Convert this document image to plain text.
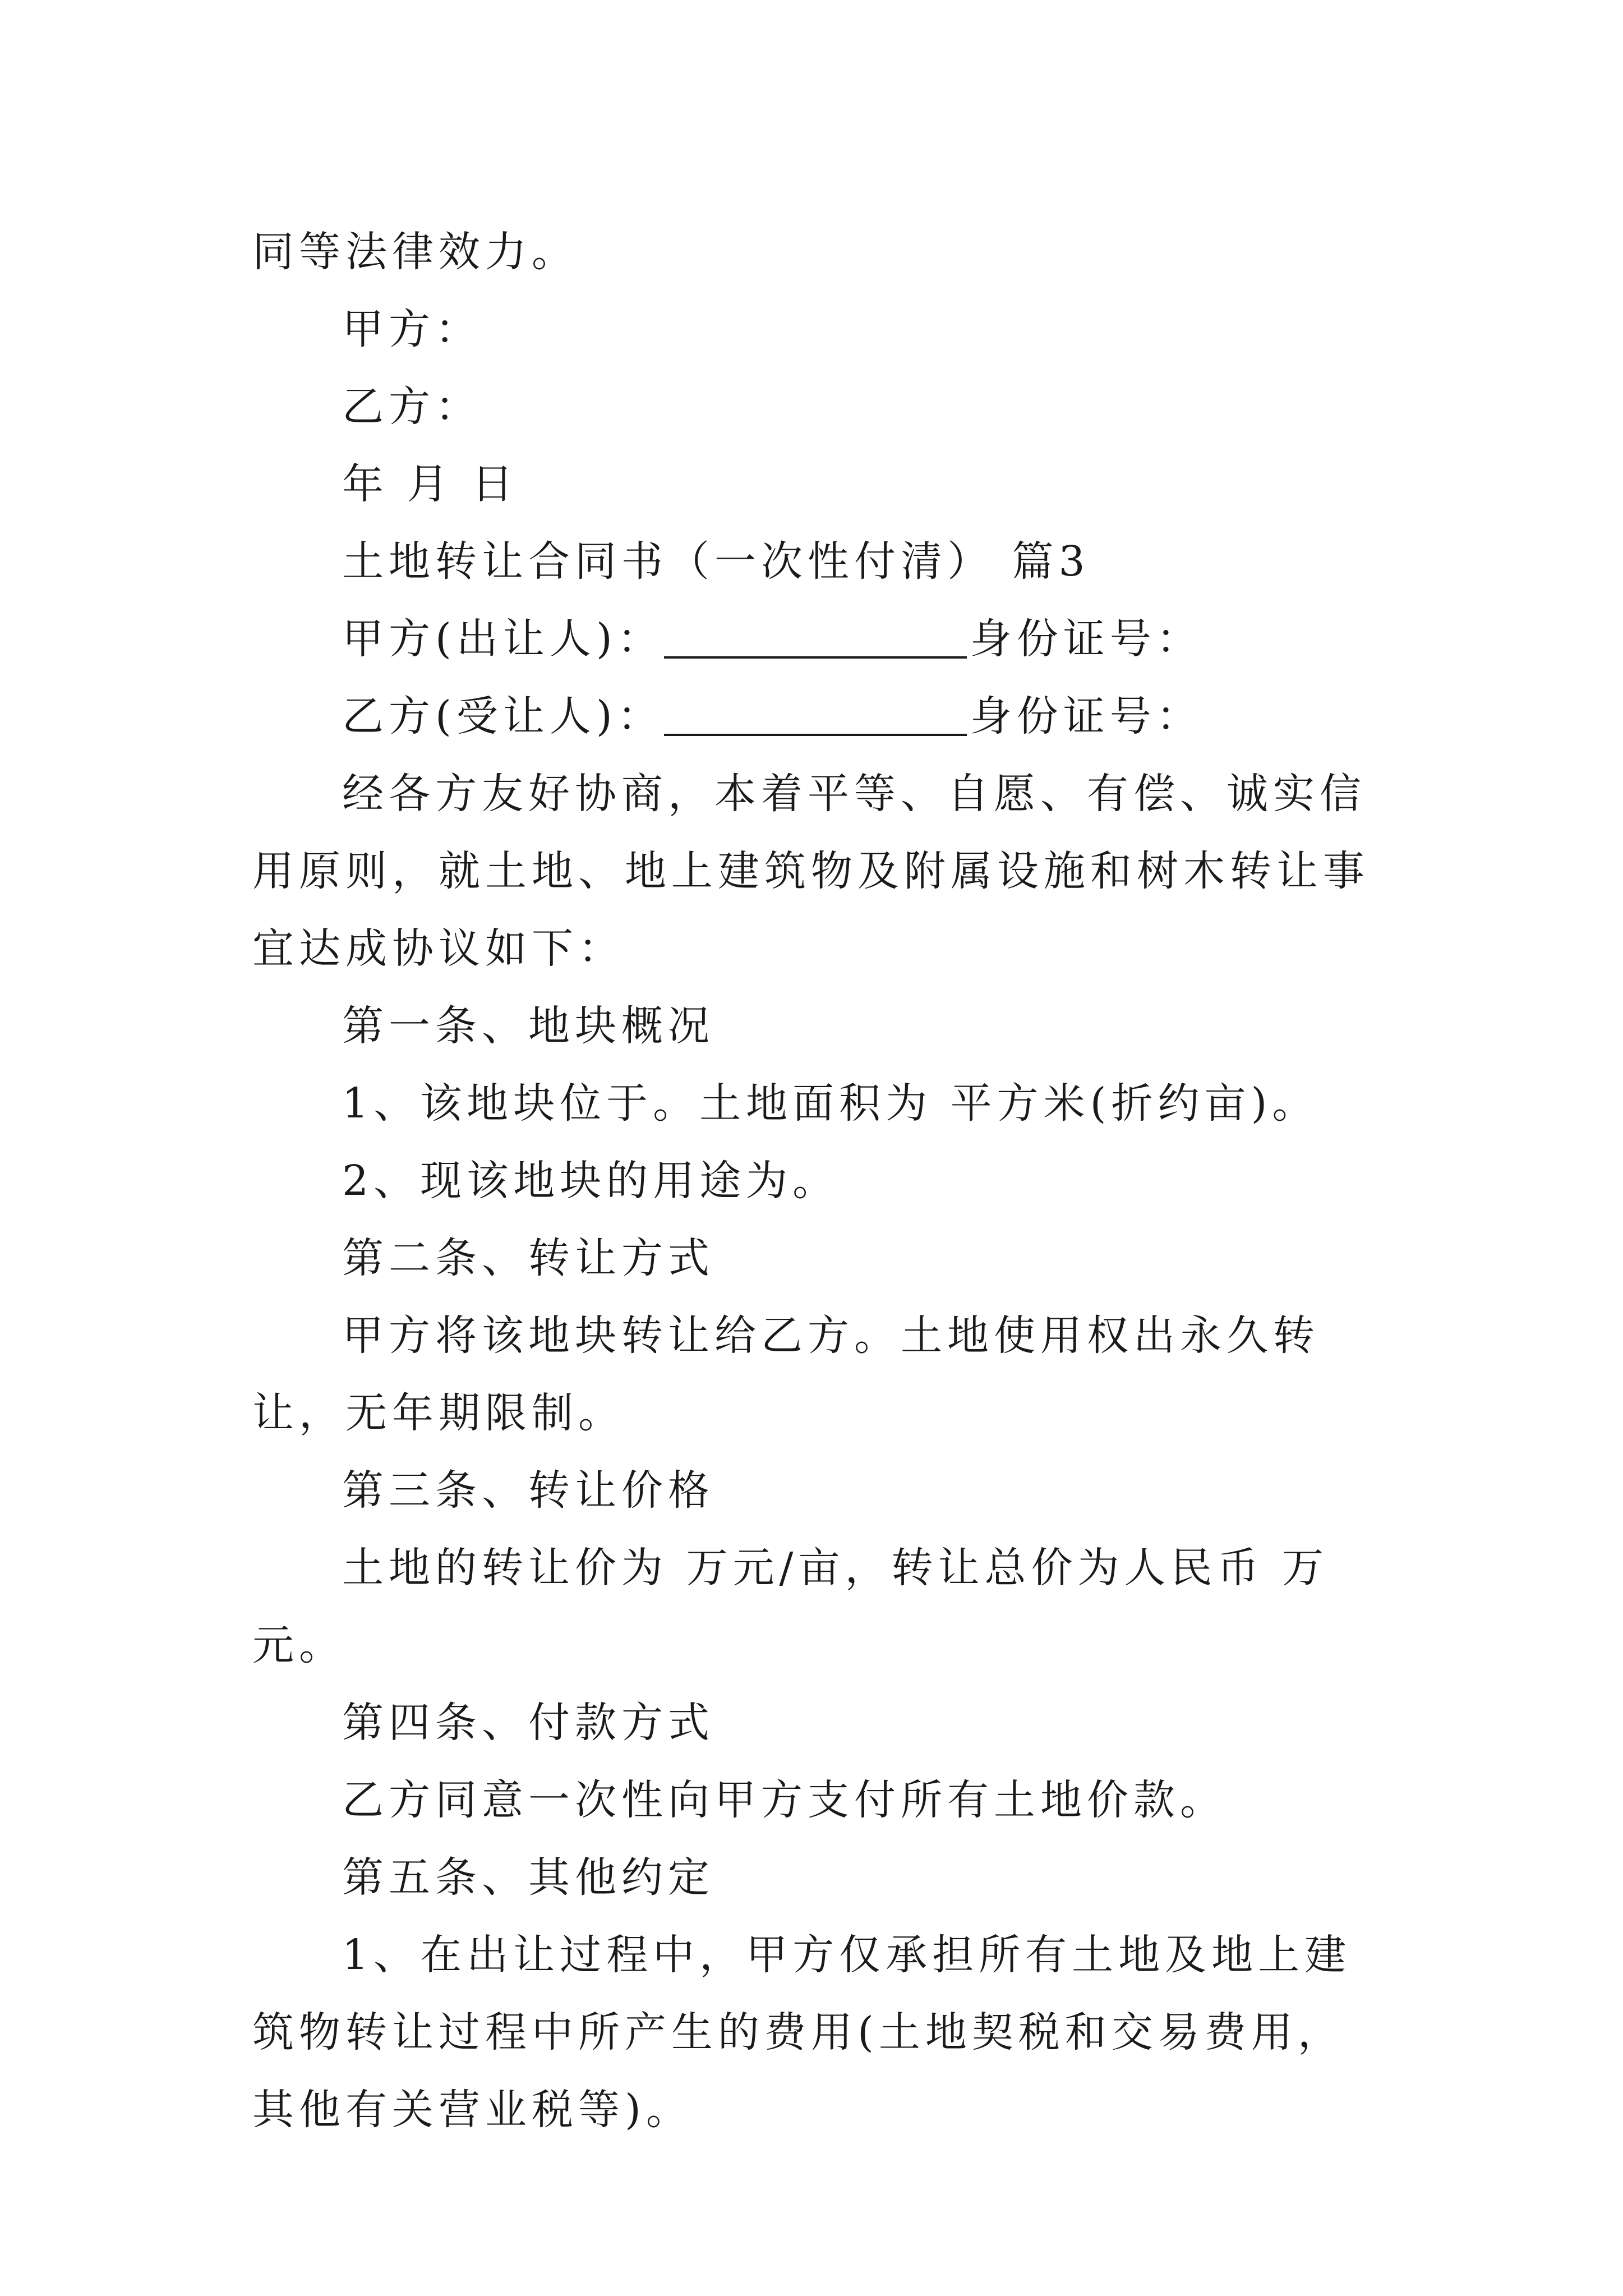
同等法律效力。

甲方：

乙方：

年 月 日

土地转让合同书（一次性付清） 篇3

甲方(出让人)：	身份证号：

乙方(受让人)：	身份证号：

经各方友好协商，本着平等、自愿、有偿、诚实信用原则，就土地、地上建筑物及附属设施和树木转让事宜达成协议如下：

第一条、地块概况

1、该地块位于。土地面积为 平方米(折约亩)。

2、现该地块的用途为。

第二条、转让方式

甲方将该地块转让给乙方。土地使用权出永久转让，无年期限制。

第三条、转让价格

土地的转让价为 万元/亩，转让总价为人民币 万元。

第四条、付款方式

乙方同意一次性向甲方支付所有土地价款。

第五条、其他约定

1、在出让过程中，甲方仅承担所有土地及地上建筑物转让过程中所产生的费用(土地契税和交易费用，其他有关营业税等)。
